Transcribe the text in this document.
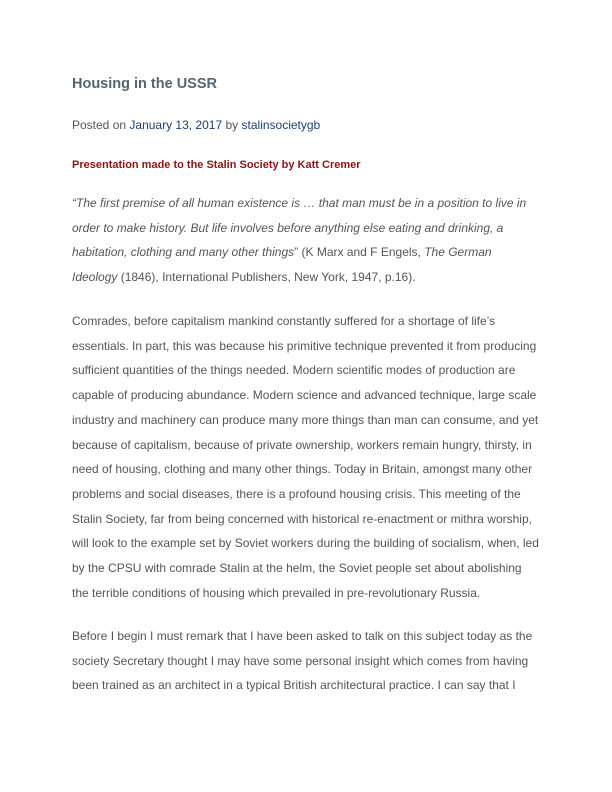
Housing in the USSR
Posted on January 13, 2017 by stalinsocietygb
Presentation made to the Stalin Society by Katt Cremer
“The first premise of all human existence is … that man must be in a position to live in
order to make history. But life involves before anything else eating and drinking, a
habitation, clothing and many other things” (K Marx and F Engels, The German
Ideology (1846), International Publishers, New York, 1947, p.16).
Comrades, before capitalism mankind constantly suffered for a shortage of life’s
essentials. In part, this was because his primitive technique prevented it from producing
sufficient quantities of the things needed. Modern scientific modes of production are
capable of producing abundance. Modern science and advanced technique, large scale
industry and machinery can produce many more things than man can consume, and yet
because of capitalism, because of private ownership, workers remain hungry, thirsty, in
need of housing, clothing and many other things. Today in Britain, amongst many other
problems and social diseases, there is a profound housing crisis. This meeting of the
Stalin Society, far from being concerned with historical re-enactment or mithra worship,
will look to the example set by Soviet workers during the building of socialism, when, led
by the CPSU with comrade Stalin at the helm, the Soviet people set about abolishing
the terrible conditions of housing which prevailed in pre-revolutionary Russia.
Before I begin I must remark that I have been asked to talk on this subject today as the
society Secretary thought I may have some personal insight which comes from having
been trained as an architect in a typical British architectural practice. I can say that I
